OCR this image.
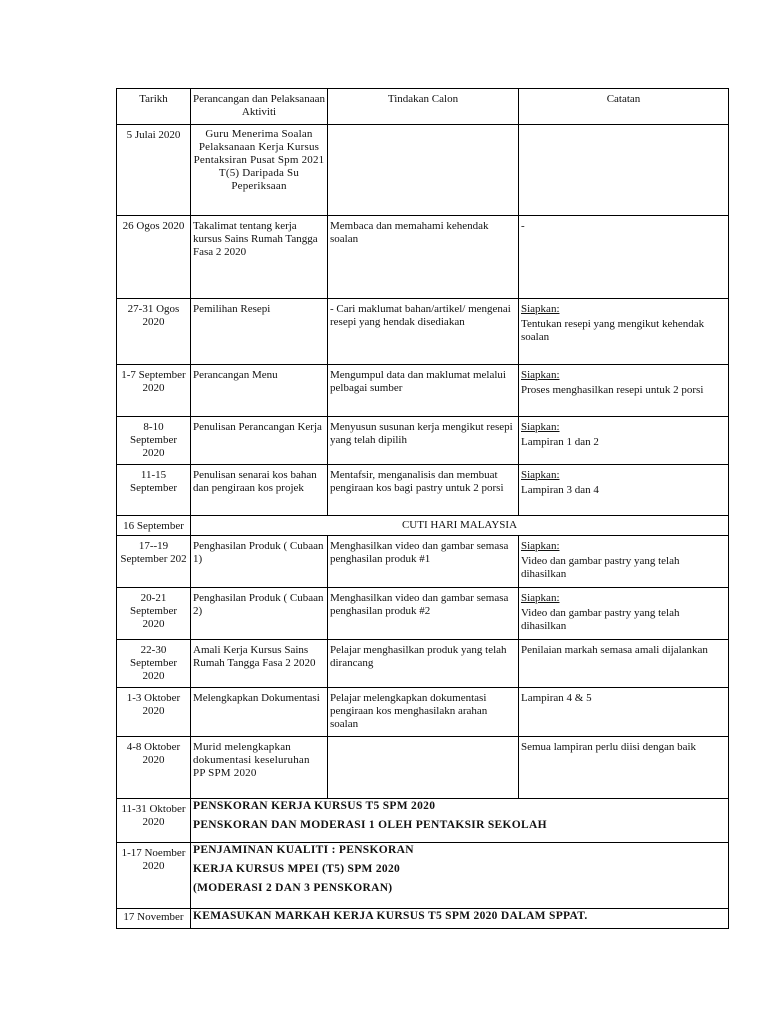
Tarikh	Perancangan dan Pelaksanaan Aktiviti	Tindakan Calon	Catatan
5 Julai 2020	Guru Menerima Soalan Pelaksanaan Kerja Kursus Pentaksiran Pusat Spm 2021 T(5) Daripada Su Peperiksaan		

26 Ogos 2020	Takalimat tentang kerja kursus Sains Rumah Tangga Fasa 2 2020	Membaca dan memahami kehendak soalan	-

27-31 Ogos 2020	Pemilihan Resepi	- Cari maklumat bahan/artikel/ mengenai resepi yang hendak disediakan	Siapkan:
Tentukan resepi yang mengikut kehendak soalan

1-7 September 2020	Perancangan Menu	Mengumpul data dan maklumat melalui pelbagai sumber	Siapkan:
Proses menghasilkan resepi untuk 2 porsi

8-10 September 2020	Penulisan Perancangan Kerja	Menyusun susunan kerja mengikut resepi yang telah dipilih	Siapkan:
Lampiran 1 dan 2

11-15 September	Penulisan senarai kos bahan dan pengiraan kos projek	Mentafsir, menganalisis dan membuat pengiraan kos bagi pastry untuk 2 porsi	Siapkan:
Lampiran 3 dan 4

16 September	CUTI HARI MALAYSIA		
17--19 September 202	Penghasilan Produk ( Cubaan 1)	Menghasilkan video dan gambar semasa penghasilan produk #1	Siapkan:
Video dan gambar pastry yang telah dihasilkan

20-21 September 2020	Penghasilan Produk ( Cubaan 2)	Menghasilkan video dan gambar semasa penghasilan produk #2	Siapkan:
Video dan gambar pastry yang telah dihasilkan

22-30 September 2020	Amali Kerja Kursus Sains Rumah Tangga Fasa 2 2020	Pelajar menghasilkan produk yang telah dirancang	Penilaian markah semasa amali dijalankan

1-3 Oktober 2020	Melengkapkan Dokumentasi	Pelajar melengkapkan dokumentasi pengiraan kos menghasilakn arahan soalan	Lampiran 4 & 5

4-8 Oktober 2020	Murid melengkapkan dokumentasi keseluruhan PP SPM 2020		Semua lampiran perlu diisi dengan baik

11-31 Oktober 2020	PENSKORAN KERJA KURSUS T5 SPM 2020
PENSKORAN DAN MODERASI 1 OLEH PENTAKSIR SEKOLAH		

1-17 Noember 2020	PENJAMINAN KUALITI : PENSKORAN
KERJA KURSUS MPEI (T5) SPM 2020
(MODERASI 2 DAN 3 PENSKORAN)		

17 November	KEMASUKAN MARKAH KERJA KURSUS T5 SPM 2020 DALAM SPPAT.		
